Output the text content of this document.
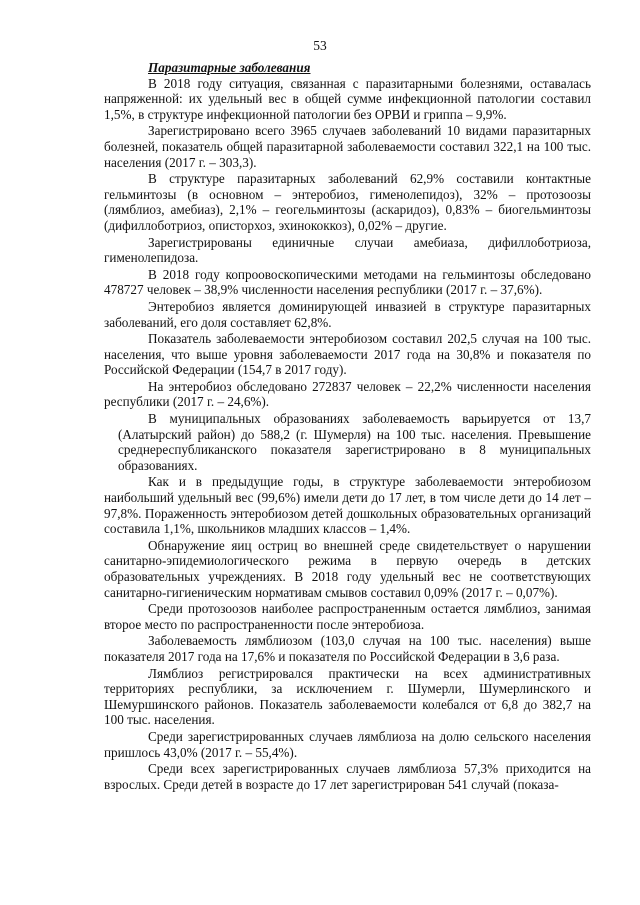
53

Паразитарные заболевания

В 2018 году ситуация, связанная с паразитарными болезнями, оставалась напряженной: их удельный вес в общей сумме инфекционной патологии составил 1,5%, в структуре инфекционной патологии без ОРВИ и гриппа – 9,9%.

Зарегистрировано всего 3965 случаев заболеваний 10 видами паразитарных болезней, показатель общей паразитарной заболеваемости составил 322,1 на 100 тыс. населения (2017 г. – 303,3).

В структуре паразитарных заболеваний 62,9% составили контактные гельминтозы (в основном – энтеробиоз, гименолепидоз), 32% – протозоозы (лямблиоз, амебиаз), 2,1% – геогельминтозы (аскаридоз), 0,83% – биогельминтозы (дифиллоботриоз, описторхоз, эхинококкоз), 0,02% – другие.

Зарегистрированы единичные случаи амебиаза, дифиллоботриоза, гименолепидоза.

В 2018 году копроовоскопическими методами на гельминтозы обследовано 478727 человек – 38,9% численности населения республики (2017 г. – 37,6%).

Энтеробиоз является доминирующей инвазией в структуре паразитарных заболеваний, его доля составляет 62,8%.

Показатель заболеваемости энтеробиозом составил 202,5 случая на 100 тыс. населения, что выше уровня заболеваемости 2017 года на 30,8% и показателя по Российской Федерации (154,7 в 2017 году).

На энтеробиоз обследовано 272837 человек – 22,2% численности населения республики (2017 г. – 24,6%).

В муниципальных образованиях заболеваемость варьируется от 13,7 (Алатырский район) до 588,2 (г. Шумерля) на 100 тыс. населения. Превышение среднереспубликанского показателя зарегистрировано в 8 муниципальных образованиях.

Как и в предыдущие годы, в структуре заболеваемости энтеробиозом наибольший удельный вес (99,6%) имели дети до 17 лет, в том числе дети до 14 лет – 97,8%. Пораженность энтеробиозом детей дошкольных образовательных организаций составила 1,1%, школьников младших классов – 1,4%.

Обнаружение яиц остриц во внешней среде свидетельствует о нарушении санитарно-эпидемиологического режима в первую очередь в детских образовательных учреждениях. В 2018 году удельный вес не соответствующих санитарно-гигиеническим нормативам смывов составил 0,09% (2017 г. – 0,07%).

Среди протозоозов наиболее распространенным остается лямблиоз, занимая второе место по распространенности после энтеробиоза.

Заболеваемость лямблиозом (103,0 случая на 100 тыс. населения) выше показателя 2017 года на 17,6% и показателя по Российской Федерации в 3,6 раза.

Лямблиоз регистрировался практически на всех административных территориях республики, за исключением г. Шумерли, Шумерлинского и Шемуршинского районов. Показатель заболеваемости колебался от 6,8 до 382,7 на 100 тыс. населения.

Среди зарегистрированных случаев лямблиоза на долю сельского населения пришлось 43,0% (2017 г. – 55,4%).

Среди всех зарегистрированных случаев лямблиоза 57,3% приходится на взрослых. Среди детей в возрасте до 17 лет зарегистрирован 541 случай (показа-
